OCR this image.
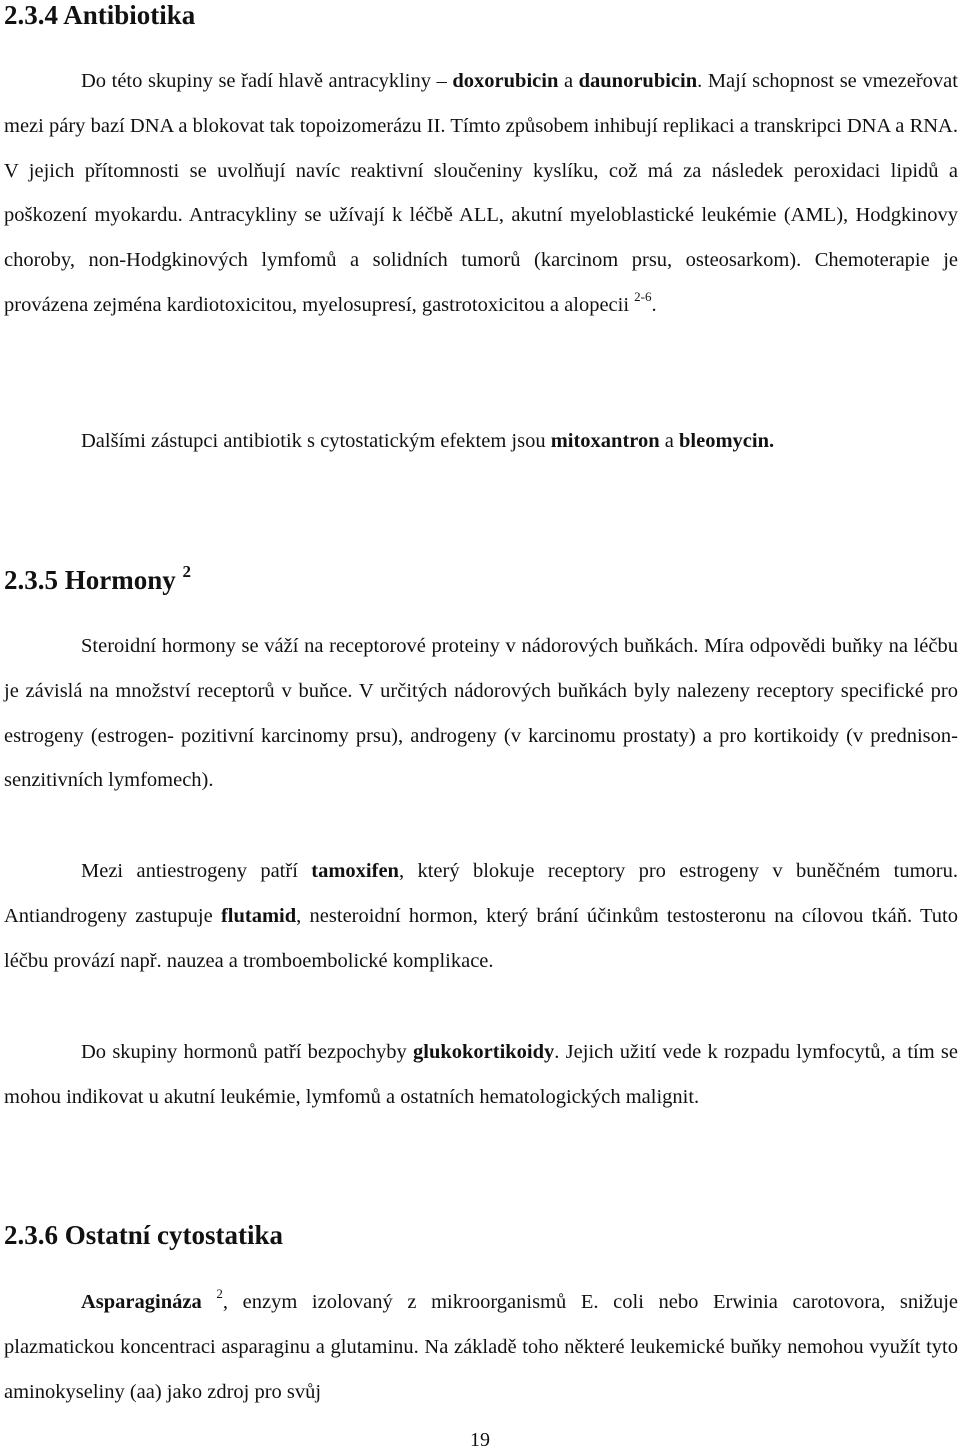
2.3.4 Antibiotika

Do této skupiny se řadí hlavě antracykliny – doxorubicin a daunorubicin. Mají schopnost se vmezeřovat mezi páry bazí DNA a blokovat tak topoizomerázu II. Tímto způsobem inhibují replikaci a transkripci DNA a RNA. V jejich přítomnosti se uvolňují navíc reaktivní sloučeniny kyslíku, což má za následek peroxidaci lipidů a poškození myokardu. Antracykliny se užívají k léčbě ALL, akutní myeloblastické leukémie (AML), Hodgkinovy choroby, non-Hodgkinových lymfomů a solidních tumorů (karcinom prsu, osteosarkom). Chemoterapie je provázena zejména kardiotoxicitou, myelosupresí, gastrotoxicitou a alopecii $^{2-6}$.

Dalšími zástupci antibiotik s cytostatickým efektem jsou mitoxantron a bleomycin.

2.3.5 Hormony $^2$

Steroidní hormony se váží na receptorové proteiny v nádorových buňkách. Míra odpovědi buňky na léčbu je závislá na množství receptorů v buňce. V určitých nádorových buňkách byly nalezeny receptory specifické pro estrogeny (estrogen- pozitivní karcinomy prsu), androgeny (v karcinomu prostaty) a pro kortikoidy (v prednison-senzitivních lymfomech).

Mezi antiestrogeny patří tamoxifen, který blokuje receptory pro estrogeny v buněčném tumoru. Antiandrogeny zastupuje flutamid, nesteroidní hormon, který brání účinkům testosteronu na cílovou tkáň. Tuto léčbu provází např. nauzea a tromboembolické komplikace.

Do skupiny hormonů patří bezpochyby glukokortikoidy. Jejich užití vede k rozpadu lymfocytů, a tím se mohou indikovat u akutní leukémie, lymfomů a ostatních hematologických malignit.

2.3.6 Ostatní cytostatika

Asparagináza $^2$, enzym izolovaný z mikroorganismů E. coli nebo Erwinia carotovora, snižuje plazmatickou koncentraci asparaginu a glutaminu. Na základě toho některé leukemické buňky nemohou využít tyto aminokyseliny (aa) jako zdroj pro svůj

19
